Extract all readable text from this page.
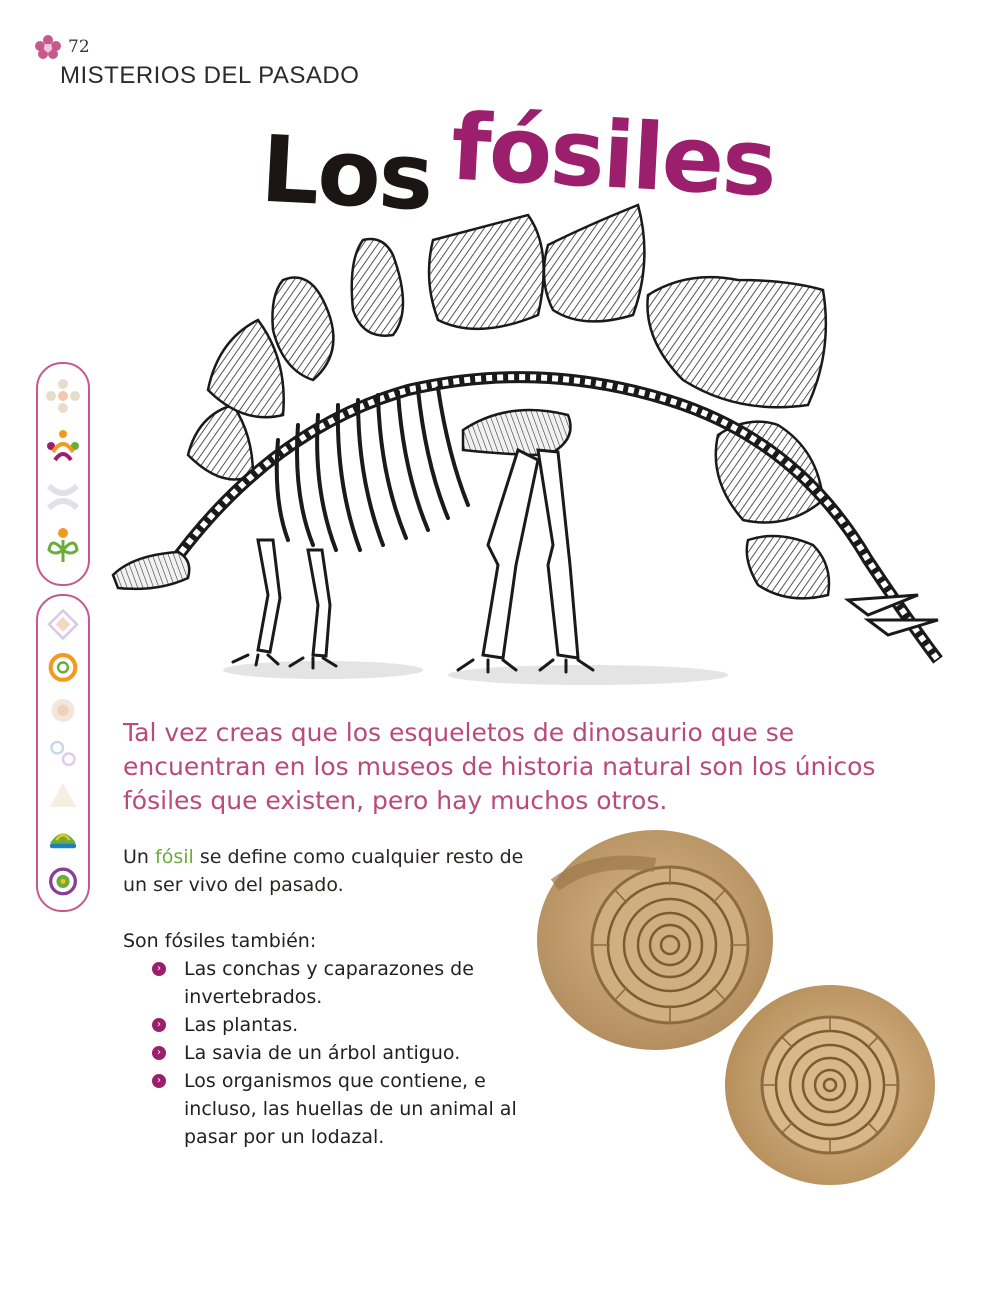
72
MISTERIOS DEL PASADO
Los fósiles
Tal vez creas que los esqueletos de dinosaurio que se encuentran en los museos de historia natural son los únicos fósiles que existen, pero hay muchos otros.
Un fósil se define como cualquier resto de un ser vivo del pasado.
Son fósiles también:
› Las conchas y caparazones de invertebrados.
› Las plantas.
› La savia de un árbol antiguo.
› Los organismos que contiene, e incluso, las huellas de un animal al pasar por un lodazal.
